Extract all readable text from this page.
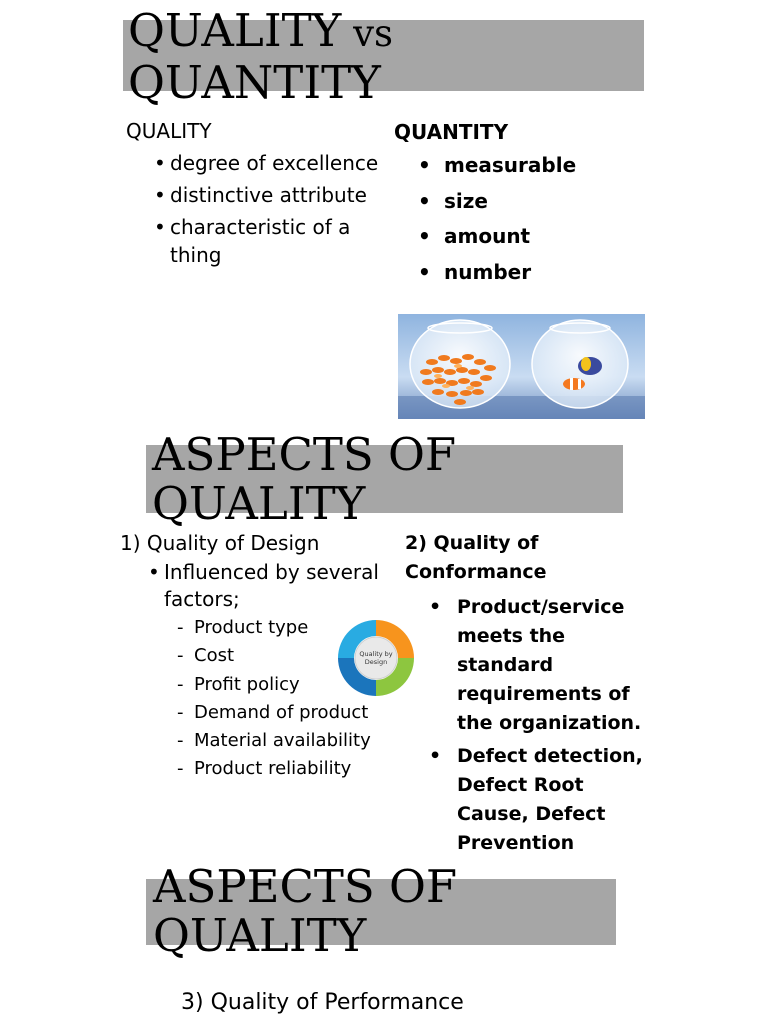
QUALITY vs
QUANTITY
QUALITY
• degree of excellence
• distinctive attribute
• characteristic of a thing
QUANTITY
• measurable
• size
• amount
• number
ASPECTS OF
QUALITY
1) Quality of Design
• Influenced by several factors;
- Product type
- Cost
- Profit policy
- Demand of product
- Material availability
- Product reliability
Quality by
Design
2) Quality of Conformance
• Product/service meets the standard requirements of the organization.
• Defect detection, Defect Root Cause, Defect Prevention
ASPECTS OF
QUALITY
3) Quality of Performance
